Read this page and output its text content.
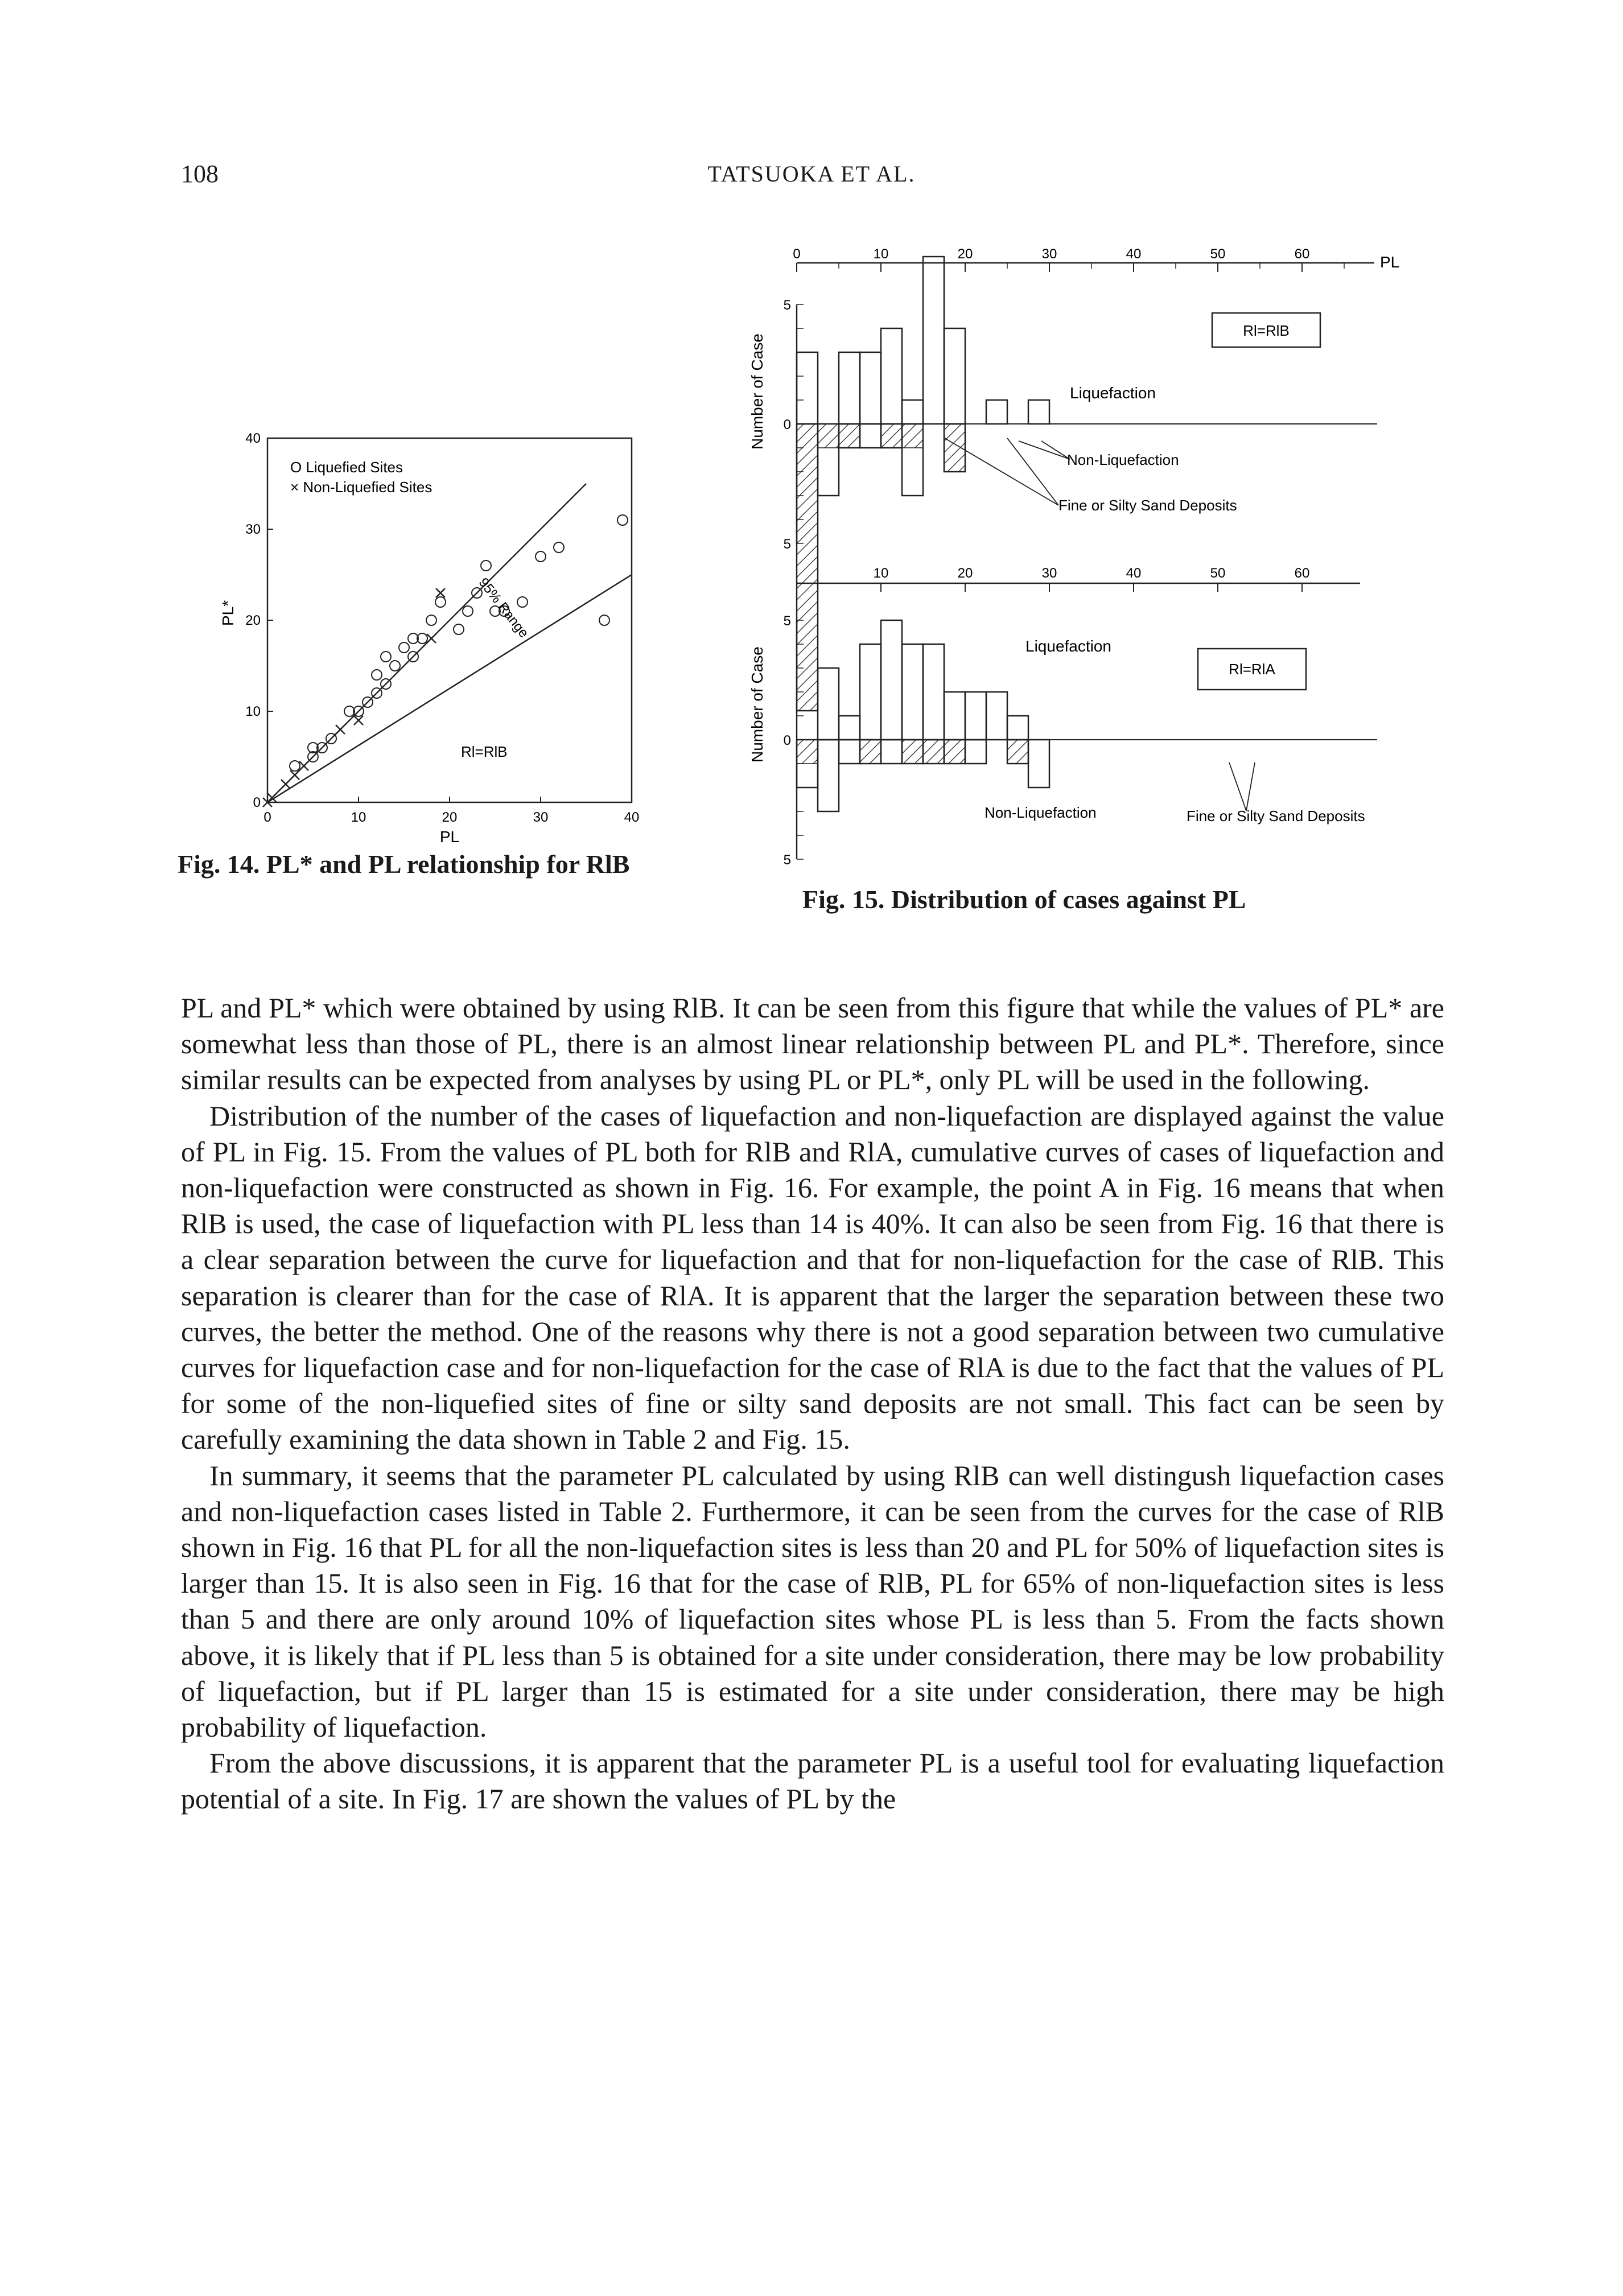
108	TATSUOKA ET AL.
0	10	20	30	40
0
10
20
30
40
O Liquefied Sites
× Non-Liquefied Sites
95% Range
Rl=RlB
PL
PL*
Fig. 14. PL* and PL relationship for RlB
0	10	20	30	40	50	60
10	20	30	40	50	60
5
0
5
5
0
5
Rl=RlB
Liquefaction
Non-Liquefaction
Fine or Silty Sand Deposits
Rl=RlA
Liquefaction
Non-Liquefaction	Fine or Silty Sand Deposits
PL
Number of Case
Number of Case
Fig. 15. Distribution of cases against PL

PL and PL* which were obtained by using RlB. It can be seen from this figure that while the values of PL* are somewhat less than those of PL, there is an almost linear relationship between PL and PL*. Therefore, since similar results can be expected from analyses by using PL or PL*, only PL will be used in the following.

Distribution of the number of the cases of liquefaction and non-liquefaction are displayed against the value of PL in Fig. 15. From the values of PL both for RlB and RlA, cumulative curves of cases of liquefaction and non-liquefaction were constructed as shown in Fig. 16. For example, the point A in Fig. 16 means that when RlB is used, the case of liquefaction with PL less than 14 is 40%. It can also be seen from Fig. 16 that there is a clear separation between the curve for liquefaction and that for non-liquefaction for the case of RlB. This separation is clearer than for the case of RlA. It is apparent that the larger the separation between these two curves, the better the method. One of the reasons why there is not a good separation between two cumulative curves for liquefaction case and for non-liquefaction for the case of RlA is due to the fact that the values of PL for some of the non-liquefied sites of fine or silty sand deposits are not small. This fact can be seen by carefully examining the data shown in Table 2 and Fig. 15.

In summary, it seems that the parameter PL calculated by using RlB can well distingush liquefaction cases and non-liquefaction cases listed in Table 2. Furthermore, it can be seen from the curves for the case of RlB shown in Fig. 16 that PL for all the non-liquefaction sites is less than 20 and PL for 50% of liquefaction sites is larger than 15. It is also seen in Fig. 16 that for the case of RlB, PL for 65% of non-liquefaction sites is less than 5 and there are only around 10% of liquefaction sites whose PL is less than 5. From the facts shown above, it is likely that if PL less than 5 is obtained for a site under consideration, there may be low probability of liquefaction, but if PL larger than 15 is estimated for a site under consideration, there may be high probability of liquefaction.

From the above discussions, it is apparent that the parameter PL is a useful tool for evaluating liquefaction potential of a site. In Fig. 17 are shown the values of PL by the
